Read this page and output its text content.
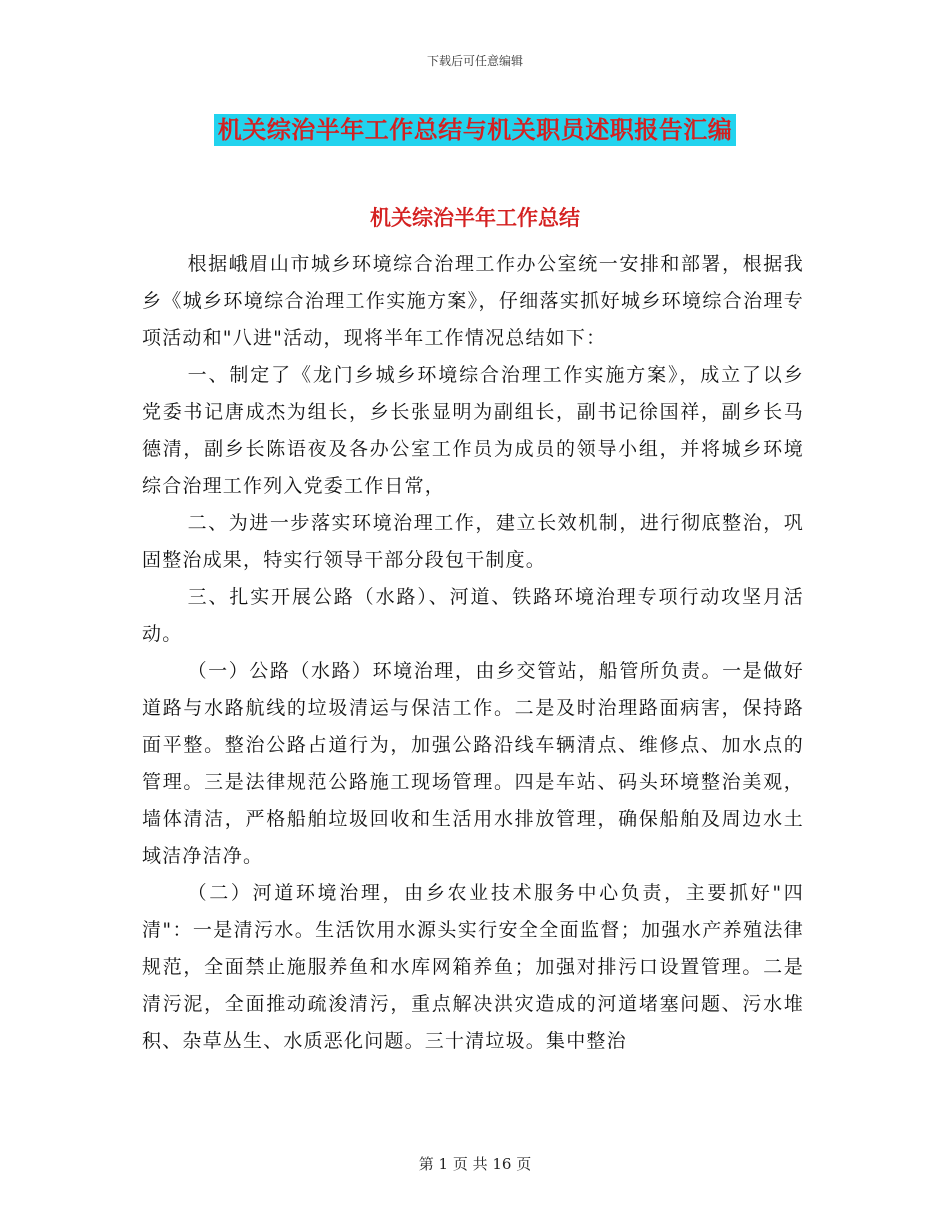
下载后可任意编辑
机关综治半年工作总结与机关职员述职报告汇编
机关综治半年工作总结

根据峨眉山市城乡环境综合治理工作办公室统一安排和部署，根据我乡《城乡环境综合治理工作实施方案》，仔细落实抓好城乡环境综合治理专项活动和"八进"活动，现将半年工作情况总结如下：

一、制定了《龙门乡城乡环境综合治理工作实施方案》，成立了以乡党委书记唐成杰为组长，乡长张显明为副组长，副书记徐国祥，副乡长马德清，副乡长陈语夜及各办公室工作员为成员的领导小组，并将城乡环境综合治理工作列入党委工作日常，

二、为进一步落实环境治理工作，建立长效机制，进行彻底整治，巩固整治成果，特实行领导干部分段包干制度。

三、扎实开展公路（水路）、河道、铁路环境治理专项行动攻坚月活动。

（一）公路（水路）环境治理，由乡交管站，船管所负责。一是做好道路与水路航线的垃圾清运与保洁工作。二是及时治理路面病害，保持路面平整。整治公路占道行为，加强公路沿线车辆清点、维修点、加水点的管理。三是法律规范公路施工现场管理。四是车站、码头环境整治美观，墙体清洁，严格船舶垃圾回收和生活用水排放管理，确保船舶及周边水土域洁净洁净。

（二）河道环境治理，由乡农业技术服务中心负责，主要抓好"四清"：一是清污水。生活饮用水源头实行安全全面监督；加强水产养殖法律规范，全面禁止施服养鱼和水库网箱养鱼；加强对排污口设置管理。二是清污泥，全面推动疏浚清污，重点解决洪灾造成的河道堵塞问题、污水堆积、杂草丛生、水质恶化问题。三十清垃圾。集中整治

第 1 页 共 16 页
